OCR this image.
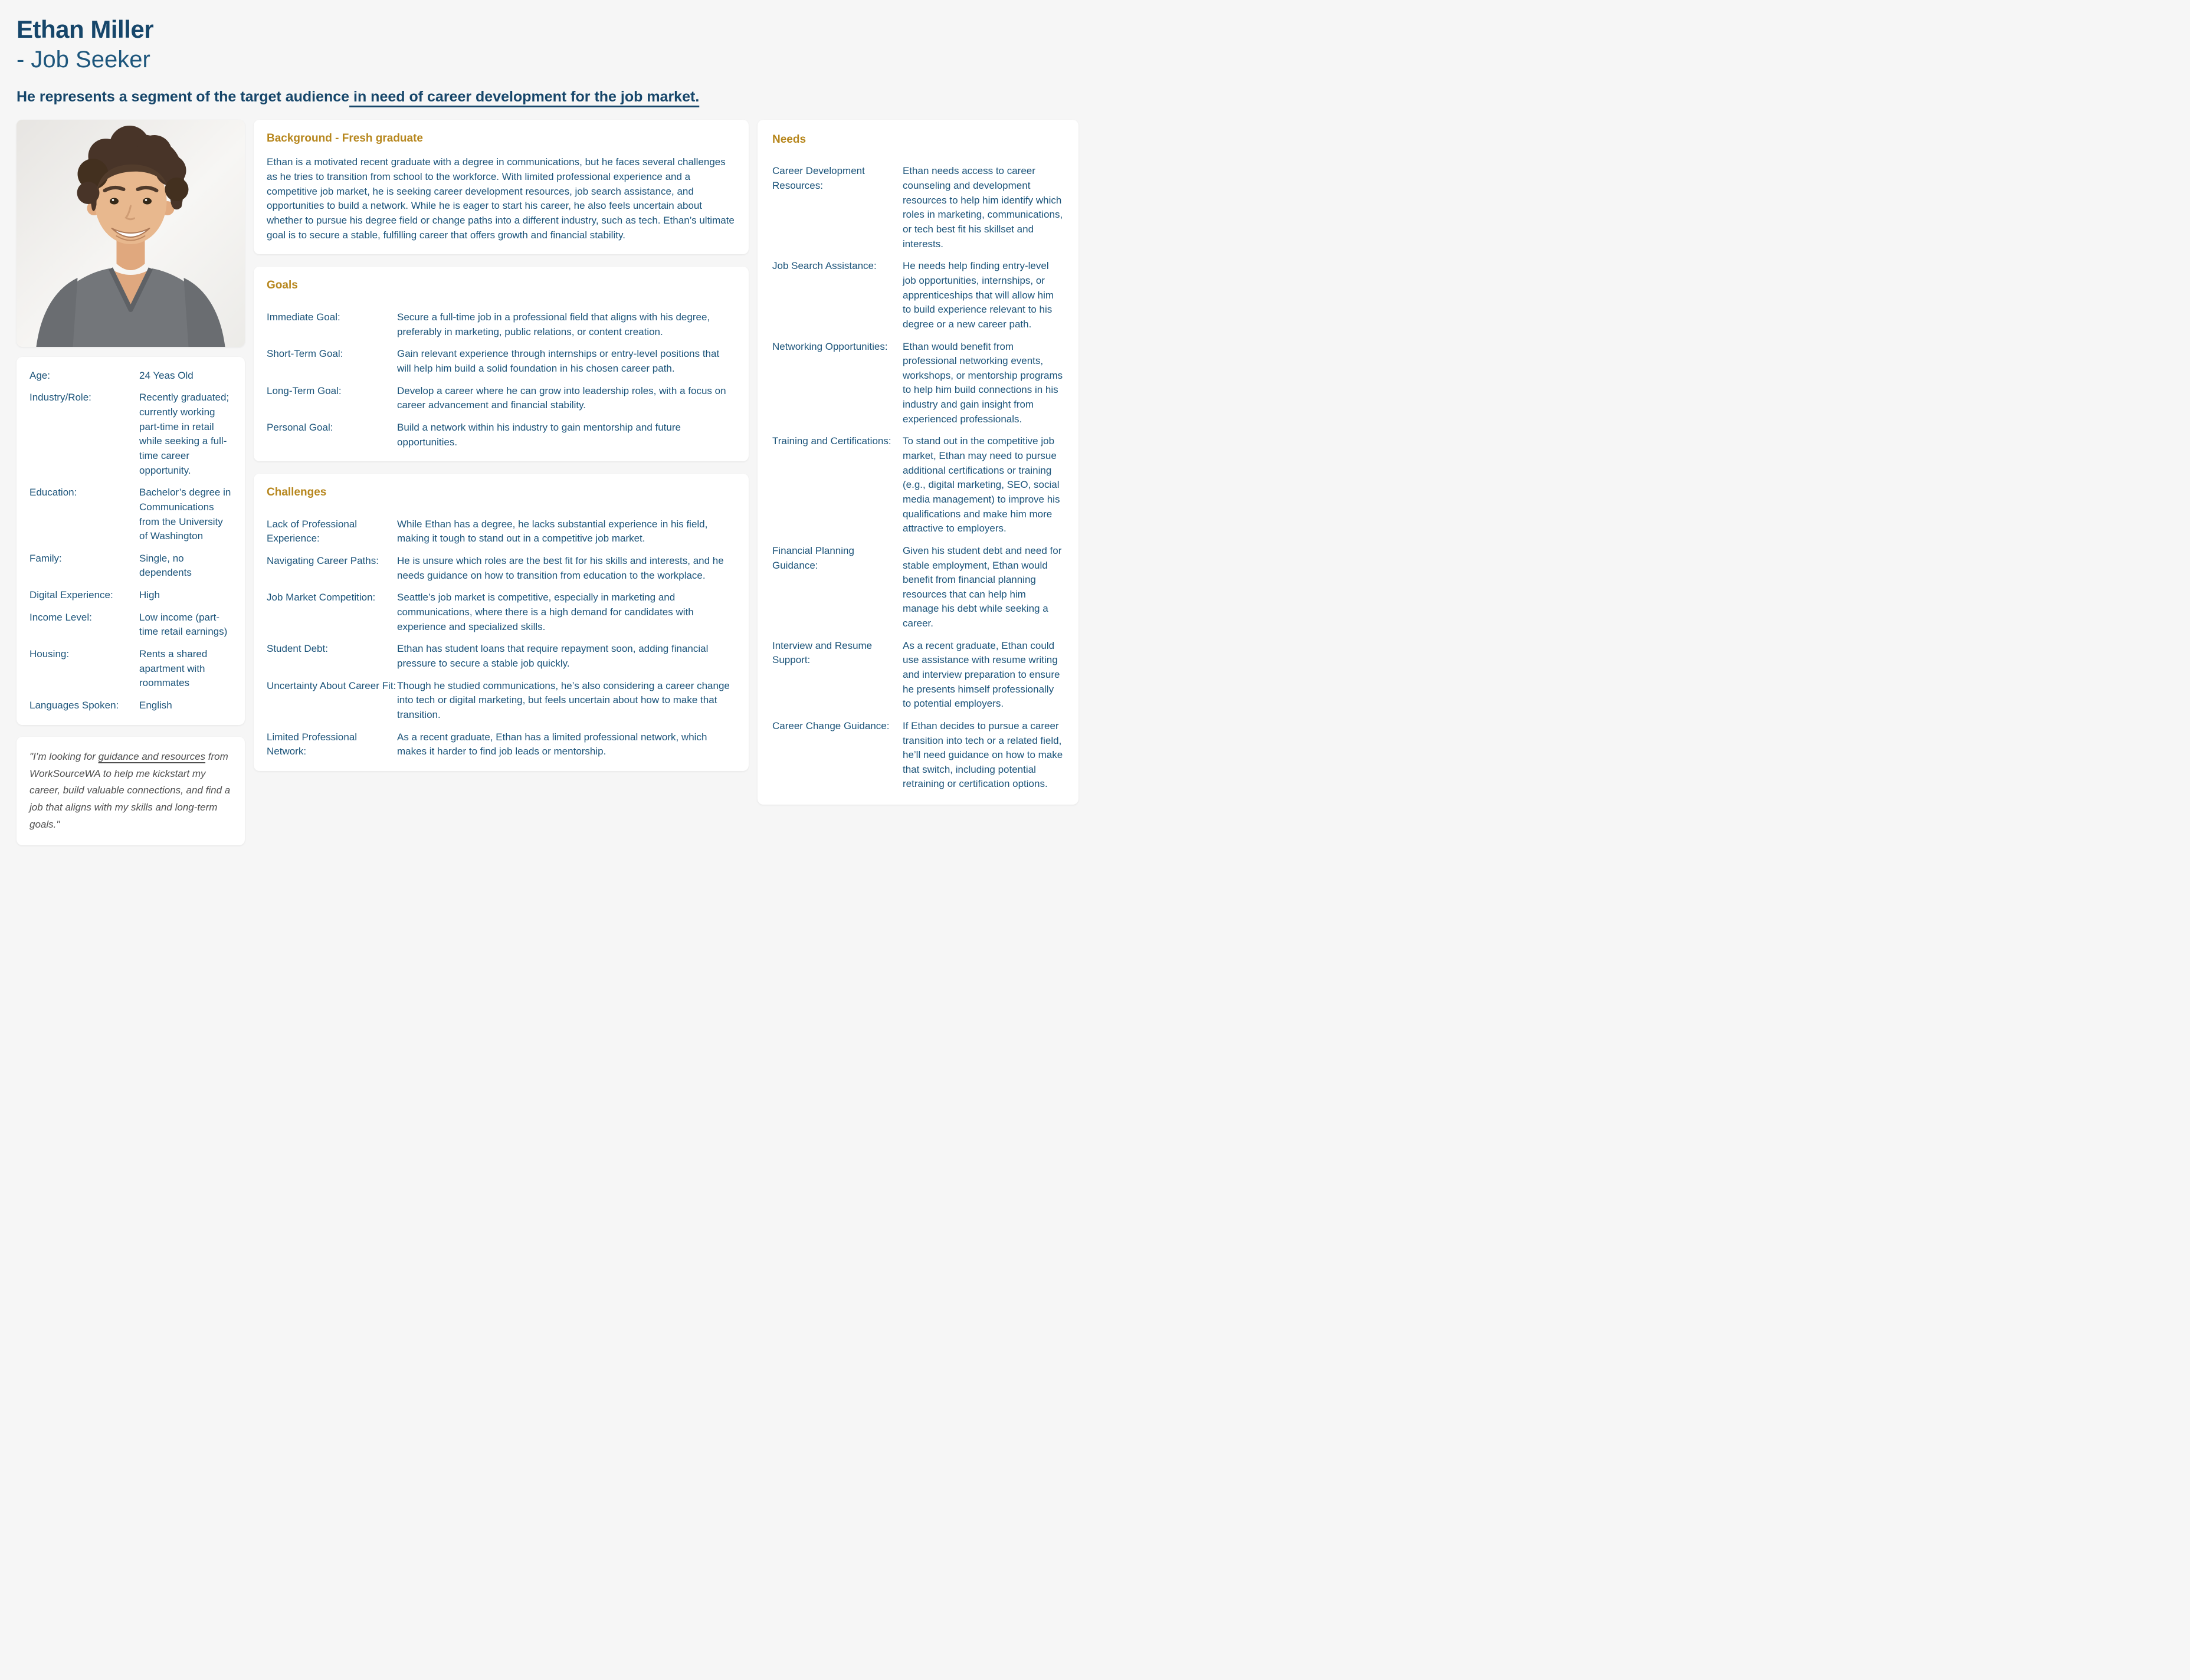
Ethan Miller
- Job Seeker

He represents a segment of the target audience in need of career development for the job market.

Age:	24 Yeas Old
Industry/Role:	Recently graduated; currently working part-time in retail while seeking a full-time career opportunity.
Education:	Bachelor’s degree in Communications from the University of Washington
Family:	Single, no dependents
Digital Experience:	High
Income Level:	Low income (part-time retail earnings)
Housing:	Rents a shared apartment with roommates
Languages Spoken:	English

"I’m looking for guidance and resources from WorkSourceWA to help me kickstart my career, build valuable connections, and find a job that aligns with my skills and long-term goals."

Background - Fresh graduate

Ethan is a motivated recent graduate with a degree in communications, but he faces several challenges as he tries to transition from school to the workforce. With limited professional experience and a competitive job market, he is seeking career development resources, job search assistance, and opportunities to build a network. While he is eager to start his career, he also feels uncertain about whether to pursue his degree field or change paths into a different industry, such as tech. Ethan’s ultimate goal is to secure a stable, fulfilling career that offers growth and financial stability.

Goals
Immediate Goal:	Secure a full-time job in a professional field that aligns with his degree, preferably in marketing, public relations, or content creation.
Short-Term Goal:	Gain relevant experience through internships or entry-level positions that will help him build a solid foundation in his chosen career path.
Long-Term Goal:	Develop a career where he can grow into leadership roles, with a focus on career advancement and financial stability.
Personal Goal:	Build a network within his industry to gain mentorship and future opportunities.
Challenges
Lack of Professional Experience:
While Ethan has a degree, he lacks substantial experience in his field, making it tough to stand out in a competitive job market.
Navigating Career Paths:	He is unsure which roles are the best fit for his skills and interests, and he needs guidance on how to transition from education to the workplace.
Job Market Competition:	Seattle’s job market is competitive, especially in marketing and communications, where there is a high demand for candidates with experience and specialized skills.
Student Debt:	Ethan has student loans that require repayment soon, adding financial pressure to secure a stable job quickly.
Uncertainty About Career Fit: Though he studied communications, he’s also considering a career change into tech or digital marketing, but feels uncertain about how to make that transition.
Limited Professional Network:
As a recent graduate, Ethan has a limited professional network, which makes it harder to find job leads or mentorship.
Needs
Career Development Resources:
Ethan needs access to career counseling and development resources to help him identify which roles in marketing, communications, or tech best fit his skillset and interests.
Job Search Assistance:	He needs help finding entry-level job opportunities, internships, or apprenticeships that will allow him to build experience relevant to his degree or a new career path.
Networking Opportunities:	Ethan would benefit from professional networking events, workshops, or mentorship programs to help him build connections in his industry and gain insight from experienced professionals.
Training and Certifications:	To stand out in the competitive job market, Ethan may need to pursue additional certifications or training (e.g., digital marketing, SEO, social media management) to improve his qualifications and make him more attractive to employers.
Financial Planning Guidance:
Given his student debt and need for stable employment, Ethan would benefit from financial planning resources that can help him manage his debt while seeking a career.
Interview and Resume Support:
As a recent graduate, Ethan could use assistance with resume writing and interview preparation to ensure he presents himself professionally to potential employers.
Career Change Guidance:	If Ethan decides to pursue a career transition into tech or a related field, he’ll need guidance on how to make that switch, including potential retraining or certification options.
